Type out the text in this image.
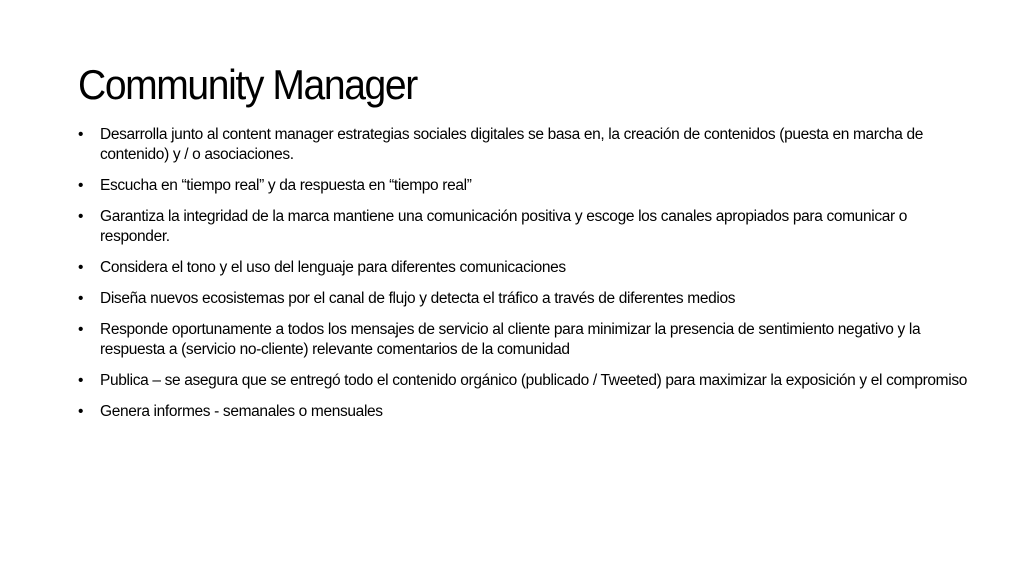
Community Manager
• Desarrolla junto al content manager estrategias sociales digitales se basa en, la creación de contenidos (puesta en marcha de contenido) y / o asociaciones.
• Escucha en “tiempo real” y da respuesta en “tiempo real”
• Garantiza la integridad de la marca mantiene una comunicación positiva y escoge los canales apropiados para comunicar o responder.
• Considera el tono y el uso del lenguaje para diferentes comunicaciones
• Diseña nuevos ecosistemas por el canal de flujo y detecta el tráfico a través de diferentes medios
• Responde oportunamente a todos los mensajes de servicio al cliente para minimizar la presencia de sentimiento negativo y la respuesta a (servicio no-cliente) relevante comentarios de la comunidad
• Publica – se asegura que se entregó todo el contenido orgánico (publicado / Tweeted) para maximizar la exposición y el compromiso
• Genera informes - semanales o mensuales
